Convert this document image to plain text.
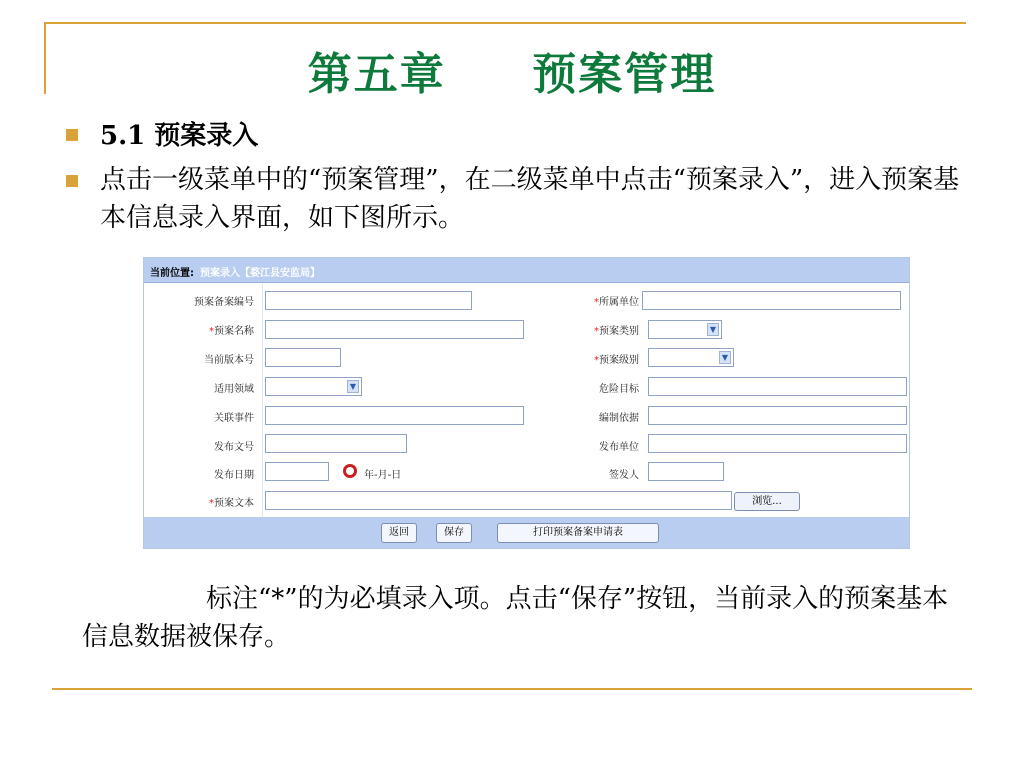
第五章     预案管理
5.1 预案录入
点击一级菜单中的“预案管理”，在二级菜单中点击“预案录入”，进入预案基本信息录入界面，如下图所示。
当前位置: 预案录入【婺江县安监局】
预案备案编号
*预案名称
当前版本号
适用领域
关联事件
发布文号
发布日期
*预案文本
▼
年-月-日
浏览...
*所属单位
*预案类别
*预案级别
危险目标
编制依据
发布单位
签发人
▼
▼
返回	保存	打印预案备案申请表
标注“*”的为必填录入项。点击“保存”按钮，当前录入的预案基本信息数据被保存。
